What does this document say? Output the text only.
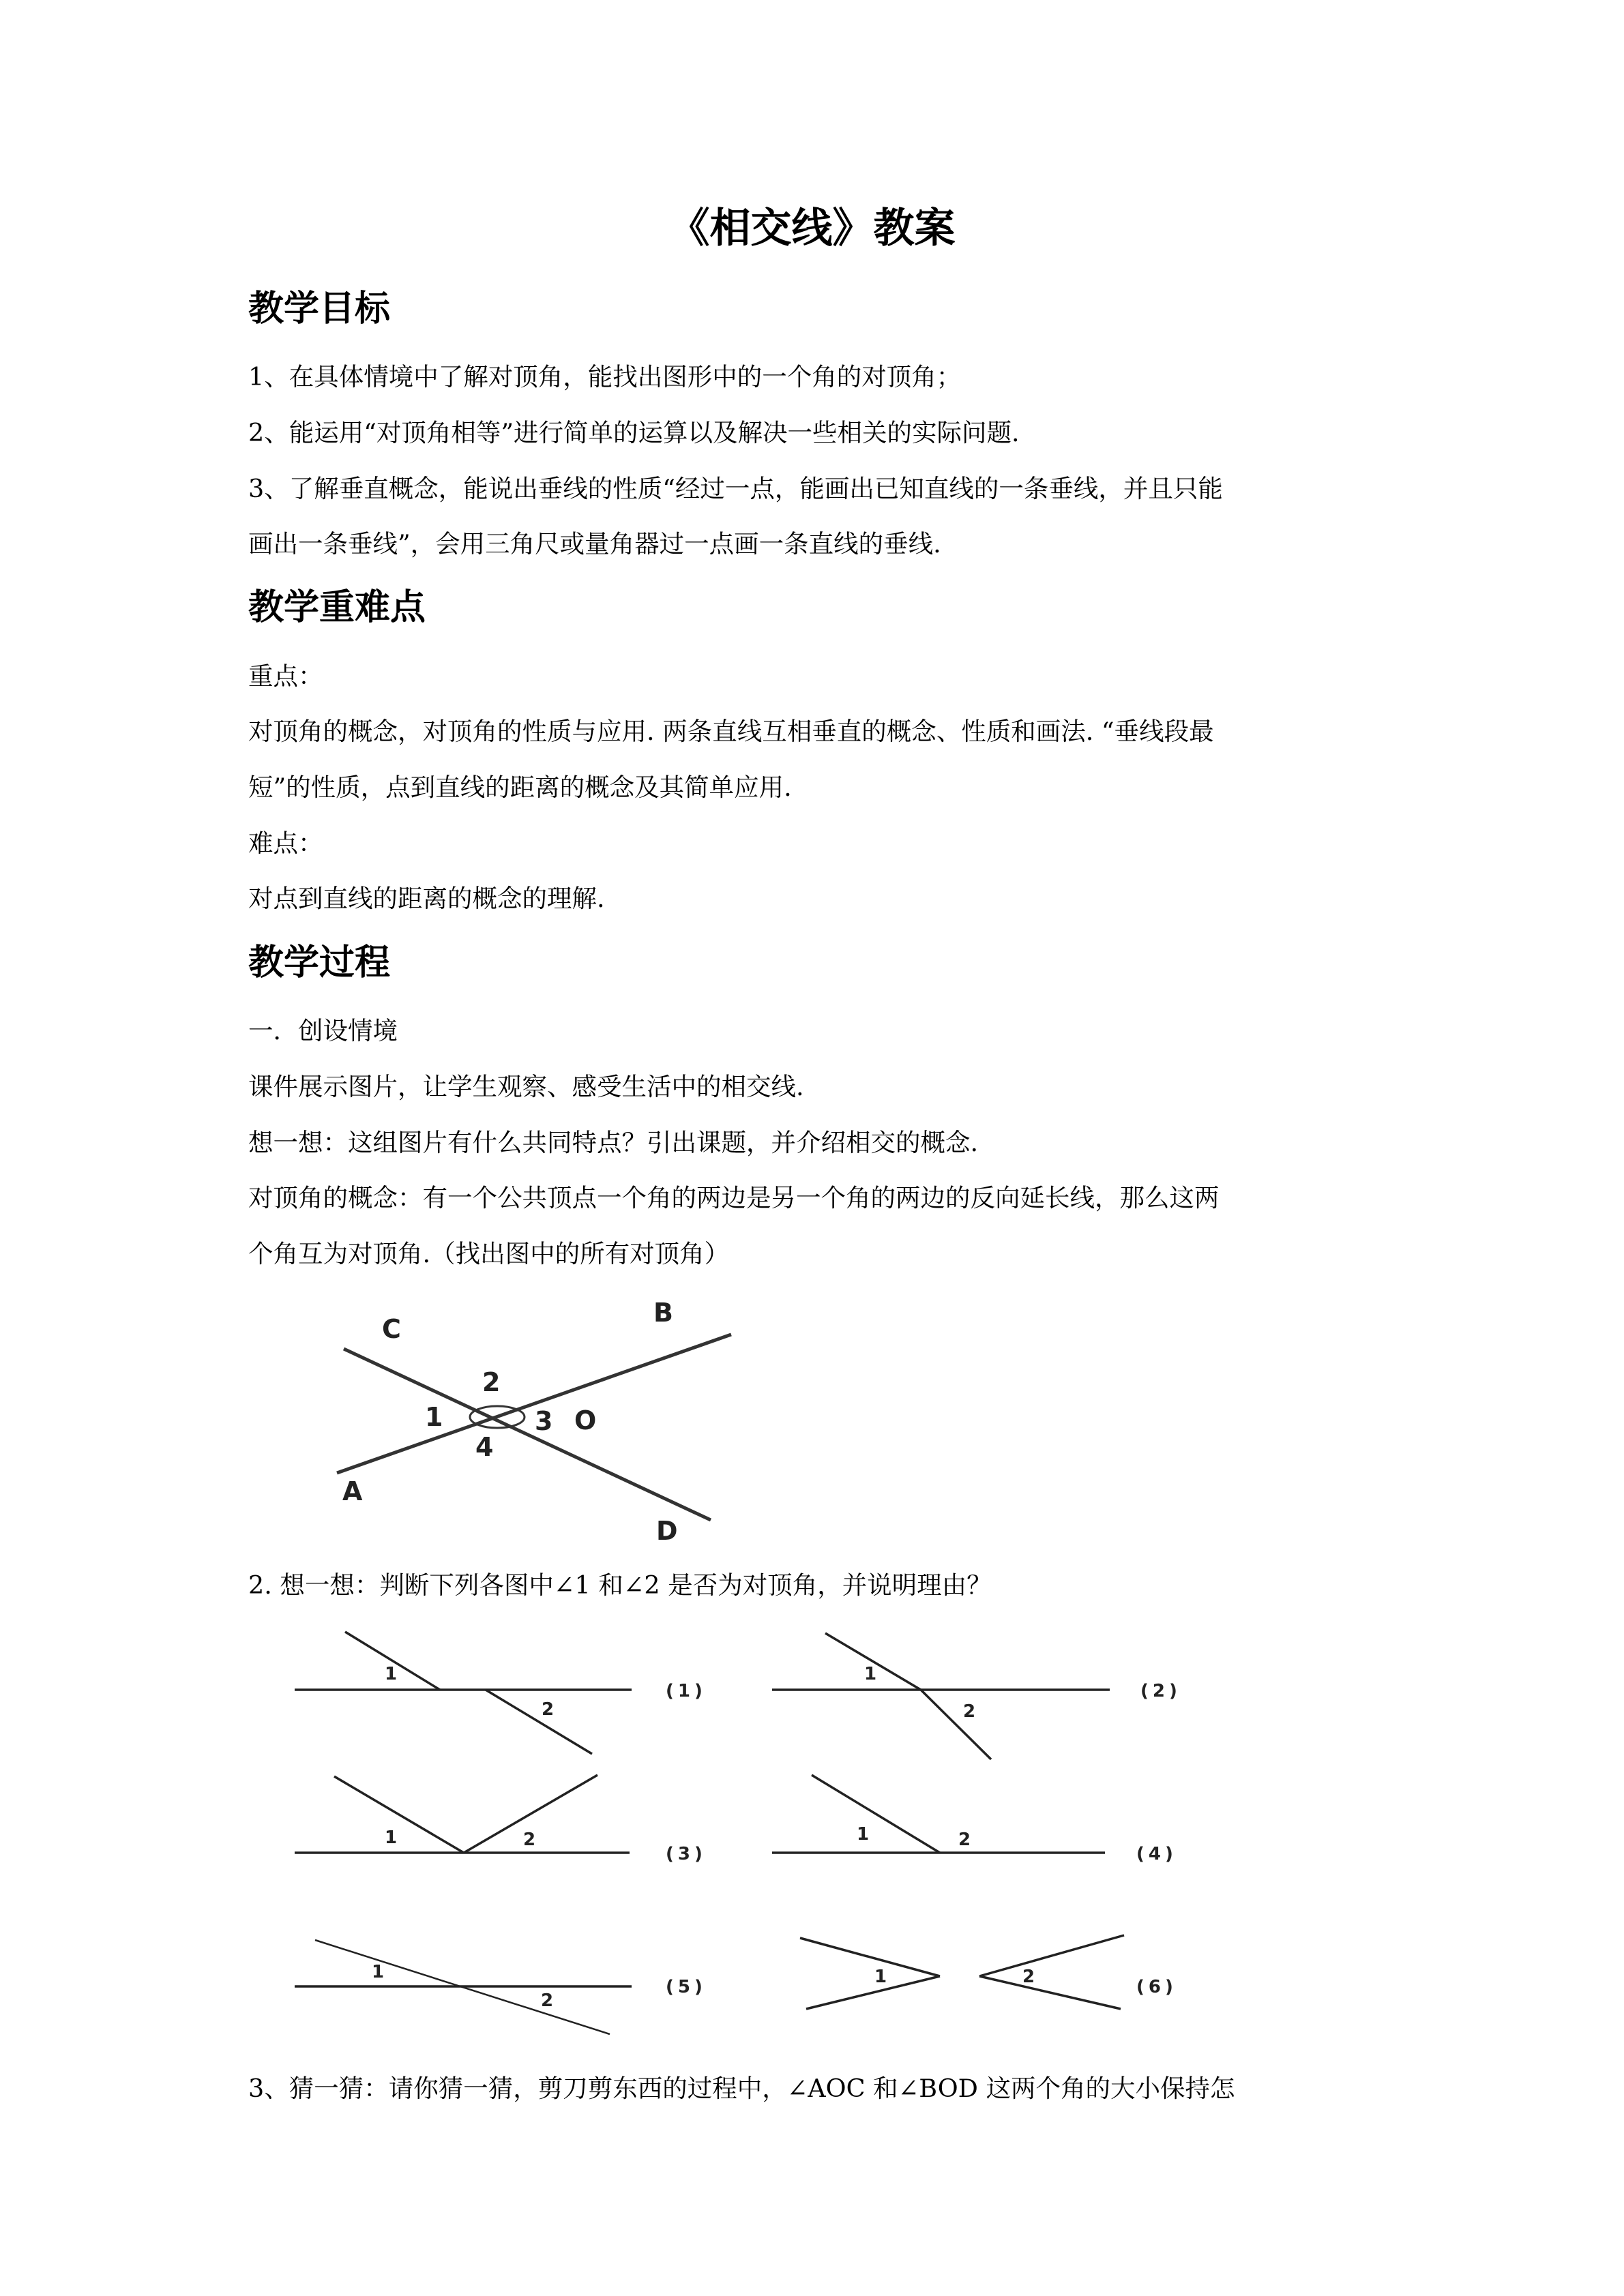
《相交线》教案
教学目标
1、在具体情境中了解对顶角，能找出图形中的一个角的对顶角；
2、能运用“对顶角相等”进行简单的运算以及解决一些相关的实际问题.
3、了解垂直概念，能说出垂线的性质“经过一点，能画出已知直线的一条垂线，并且只能
画出一条垂线”，会用三角尺或量角器过一点画一条直线的垂线.
教学重难点
重点：
对顶角的概念，对顶角的性质与应用. 两条直线互相垂直的概念、性质和画法. “垂线段最
短”的性质，点到直线的距离的概念及其简单应用.
难点：
对点到直线的距离的概念的理解.
教学过程
一．创设情境
课件展示图片，让学生观察、感受生活中的相交线.
想一想：这组图片有什么共同特点？引出课题，并介绍相交的概念.
对顶角的概念：有一个公共顶点一个角的两边是另一个角的两边的反向延长线，那么这两
个角互为对顶角.（找出图中的所有对顶角）
C
B
2
1	3 O
4
A
D
2. 想一想：判断下列各图中∠1 和∠2 是否为对顶角，并说明理由？
1
2
1
2
1	2	1	2
1
2
1	2
(1)	(2)
(3)	(4)
(5)	(6)
3、猜一猜：请你猜一猜，剪刀剪东西的过程中，∠AOC 和∠BOD 这两个角的大小保持怎
